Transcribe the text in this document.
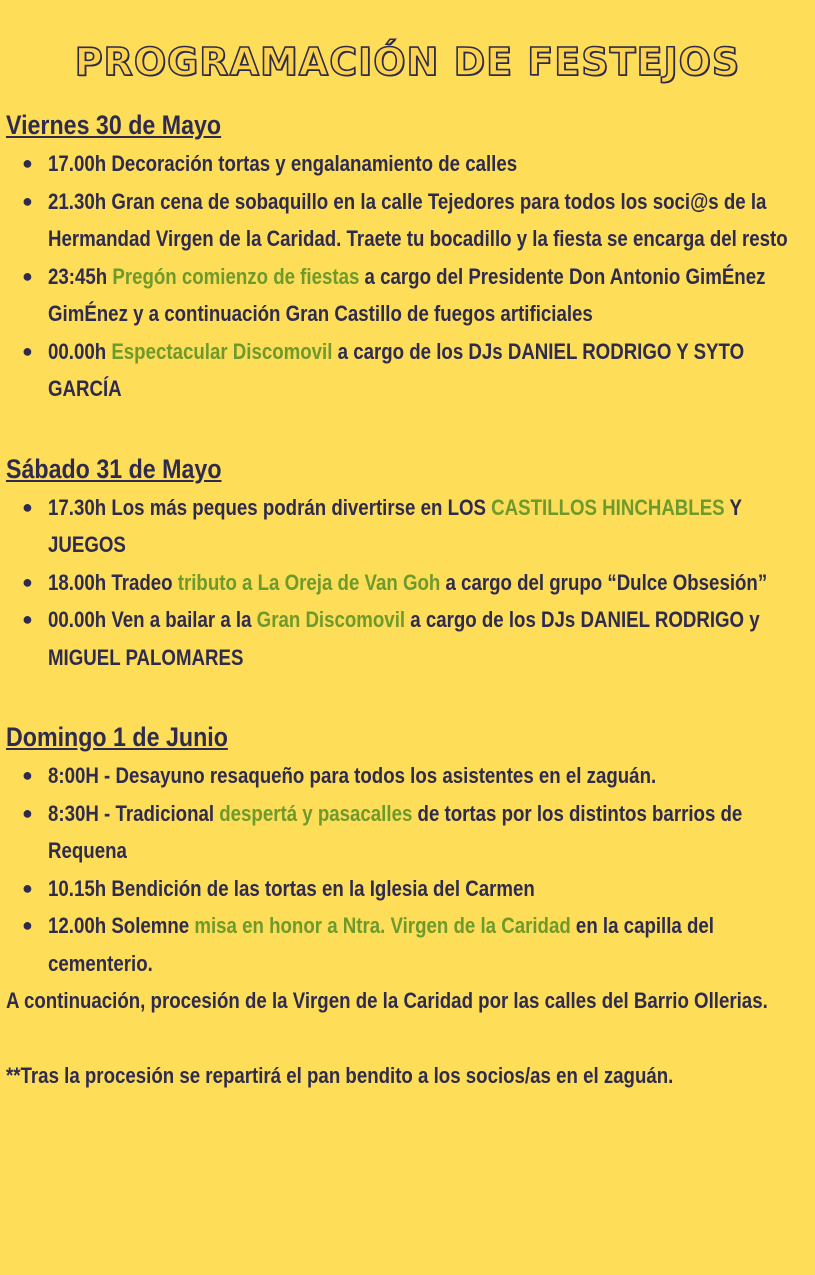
PROGRAMACIÓN DE FESTEJOS
Viernes 30 de Mayo
● 17.00h Decoración tortas y engalanamiento de calles
● 21.30h Gran cena de sobaquillo en la calle Tejedores para todos los soci@s de la Hermandad Virgen de la Caridad. Traete tu bocadillo y la fiesta se encarga del resto
● 23:45h Pregón comienzo de fiestas a cargo del Presidente Don Antonio GimÉnez GimÉnez y a continuación Gran Castillo de fuegos artificiales
● 00.00h Espectacular Discomovil a cargo de los DJs DANIEL RODRIGO Y SYTO GARCÍA
Sábado 31 de Mayo
● 17.30h Los más peques podrán divertirse en LOS CASTILLOS HINCHABLES Y JUEGOS
● 18.00h Tradeo tributo a La Oreja de Van Goh a cargo del grupo “Dulce Obsesión”
● 00.00h Ven a bailar a la Gran Discomovil a cargo de los DJs DANIEL RODRIGO y MIGUEL PALOMARES
Domingo 1 de Junio
● 8:00H - Desayuno resaqueño para todos los asistentes en el zaguán.
● 8:30H - Tradicional despertá y pasacalles de tortas por los distintos barrios de Requena
● 10.15h Bendición de las tortas en la Iglesia del Carmen
● 12.00h Solemne misa en honor a Ntra. Virgen de la Caridad en la capilla del cementerio.
A continuación, procesión de la Virgen de la Caridad por las calles del Barrio Ollerias.
**Tras la procesión se repartirá el pan bendito a los socios/as en el zaguán.
